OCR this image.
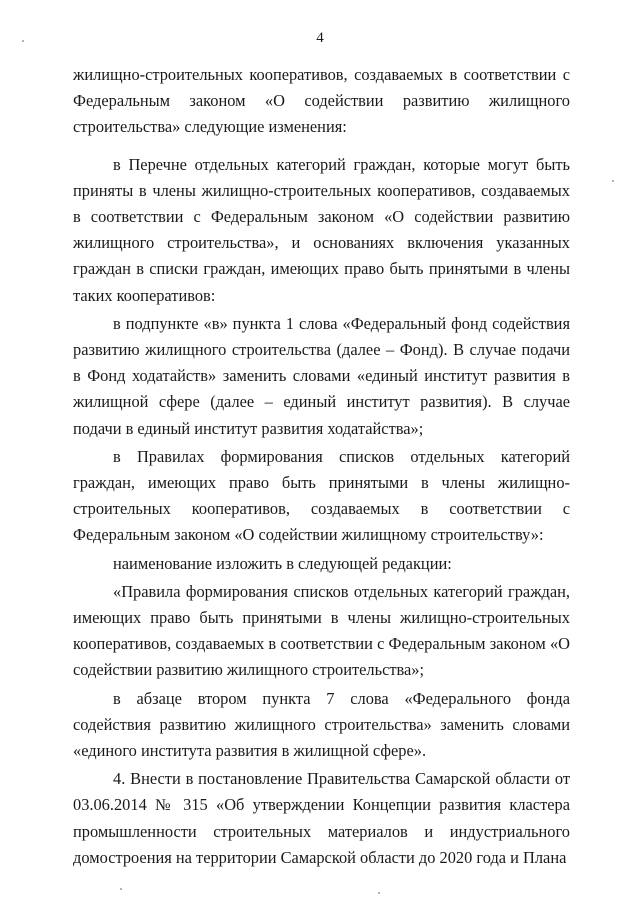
4

жилищно-строительных кооперативов, создаваемых в соответствии с Федеральным законом «О содействии развитию жилищного строительства» следующие изменения:

в Перечне отдельных категорий граждан, которые могут быть приняты в члены жилищно-строительных кооперативов, создаваемых в соответствии с Федеральным законом «О содействии развитию жилищного строительства», и основаниях включения указанных граждан в списки граждан, имеющих право быть принятыми в члены таких кооперативов:

в подпункте «в» пункта 1 слова «Федеральный фонд содействия развитию жилищного строительства (далее – Фонд). В случае подачи в Фонд ходатайств» заменить словами «единый институт развития в жилищной сфере (далее – единый институт развития). В случае подачи в единый институт развития ходатайства»;

в Правилах формирования списков отдельных категорий граждан, имеющих право быть принятыми в члены жилищно-строительных кооперативов, создаваемых в соответствии с Федеральным законом «О содействии жилищному строительству»:

наименование изложить в следующей редакции:

«Правила формирования списков отдельных категорий граждан, имеющих право быть принятыми в члены жилищно-строительных кооперативов, создаваемых в соответствии с Федеральным законом «О содействии развитию жилищного строительства»;

в абзаце втором пункта 7 слова «Федерального фонда содействия развитию жилищного строительства» заменить словами «единого института развития в жилищной сфере».

4. Внести в постановление Правительства Самарской области от 03.06.2014 № 315 «Об утверждении Концепции развития кластера промышленности строительных материалов и индустриального домостроения на территории Самарской области до 2020 года и Плана
